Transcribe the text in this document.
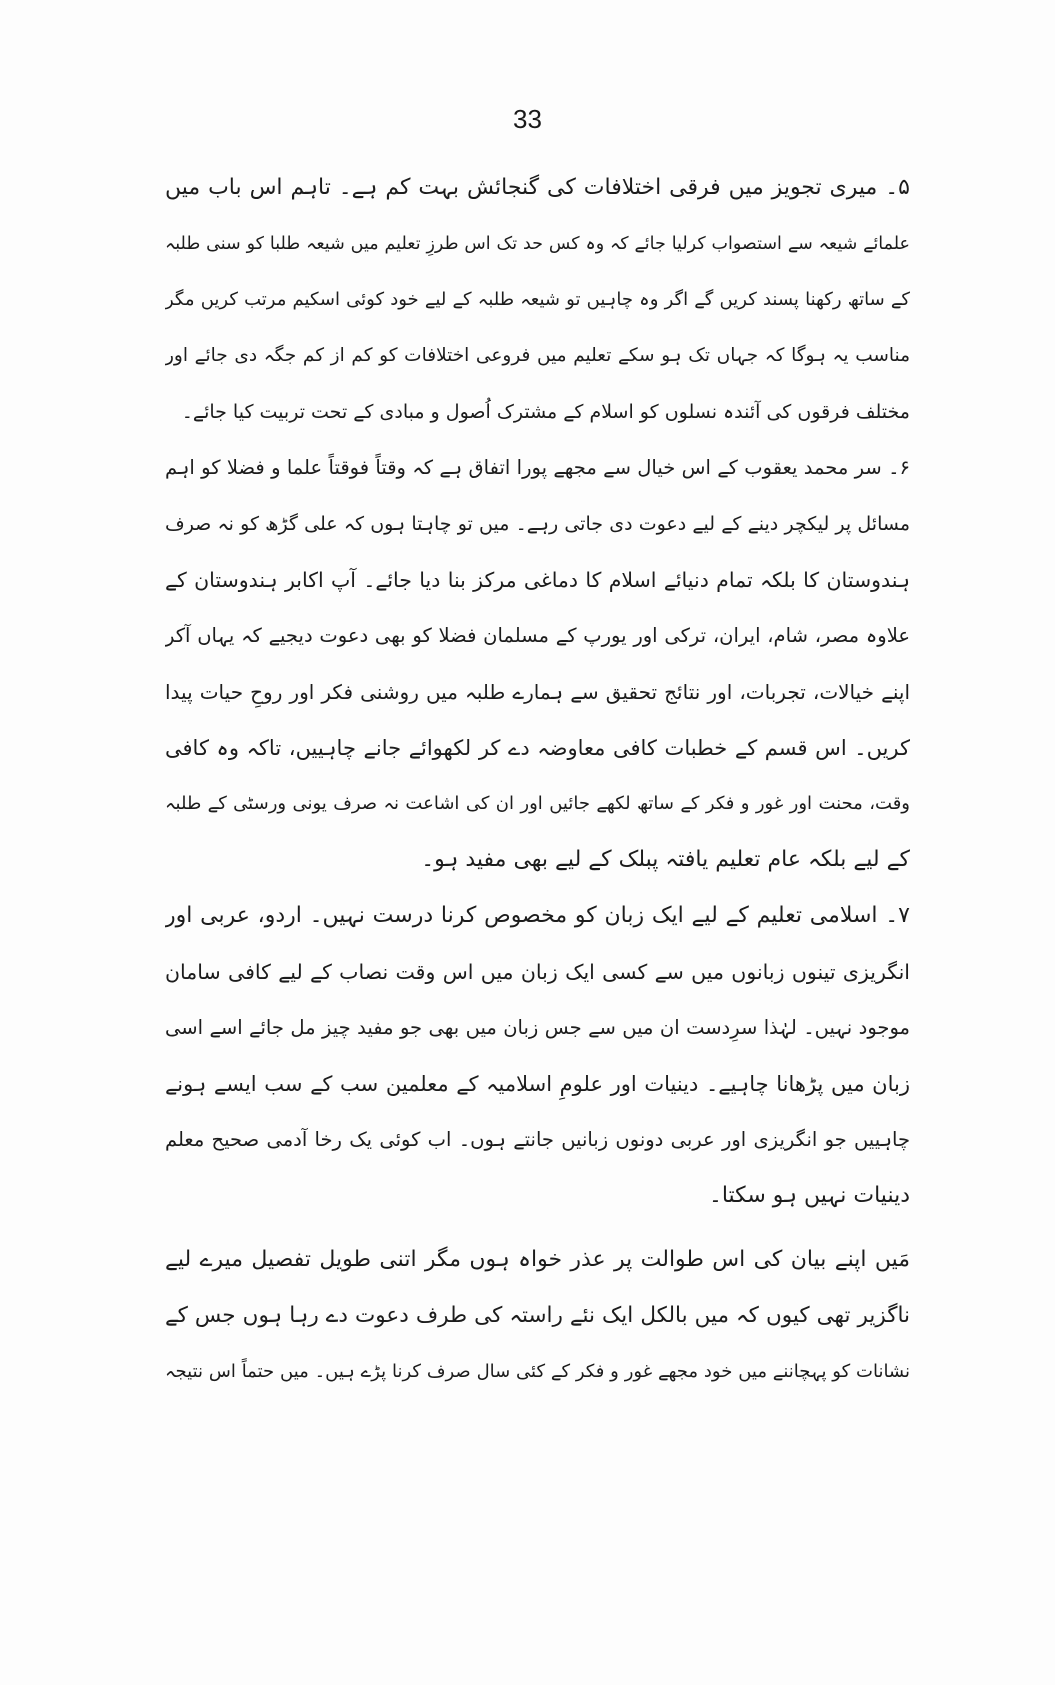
33
۵۔ میری تجویز میں فرقی اختلافات کی گنجائش بہت کم ہے۔ تاہم اس باب میں
علمائے شیعہ سے استصواب کرلیا جائے کہ وہ کس حد تک اس طرزِ تعلیم میں شیعہ طلبا کو سنی طلبہ
کے ساتھ رکھنا پسند کریں گے اگر وہ چاہیں تو شیعہ طلبہ کے لیے خود کوئی اسکیم مرتب کریں مگر
مناسب یہ ہوگا کہ جہاں تک ہو سکے تعلیم میں فروعی اختلافات کو کم از کم جگہ دی جائے اور
مختلف فرقوں کی آئندہ نسلوں کو اسلام کے مشترک اُصول و مبادی کے تحت تربیت کیا جائے۔
۶۔ سر محمد یعقوب کے اس خیال سے مجھے پورا اتفاق ہے کہ وقتاً فوقتاً علما و فضلا کو اہم
مسائل پر لیکچر دینے کے لیے دعوت دی جاتی رہے۔ میں تو چاہتا ہوں کہ علی گڑھ کو نہ صرف
ہندوستان کا بلکہ تمام دنیائے اسلام کا دماغی مرکز بنا دیا جائے۔ آپ اکابر ہندوستان کے
علاوہ مصر، شام، ایران، ترکی اور یورپ کے مسلمان فضلا کو بھی دعوت دیجیے کہ یہاں آکر
اپنے خیالات، تجربات، اور نتائج تحقیق سے ہمارے طلبہ میں روشنی فکر اور روحِ حیات پیدا
کریں۔ اس قسم کے خطبات کافی معاوضہ دے کر لکھوائے جانے چاہییں، تاکہ وہ کافی
وقت، محنت اور غور و فکر کے ساتھ لکھے جائیں اور ان کی اشاعت نہ صرف یونی ورسٹی کے طلبہ
کے لیے بلکہ عام تعلیم یافتہ پبلک کے لیے بھی مفید ہو۔
۷۔ اسلامی تعلیم کے لیے ایک زبان کو مخصوص کرنا درست نہیں۔ اردو، عربی اور
انگریزی تینوں زبانوں میں سے کسی ایک زبان میں اس وقت نصاب کے لیے کافی سامان
موجود نہیں۔ لہٰذا سرِدست ان میں سے جس زبان میں بھی جو مفید چیز مل جائے اسے اسی
زبان میں پڑھانا چاہیے۔ دینیات اور علومِ اسلامیہ کے معلمین سب کے سب ایسے ہونے
چاہییں جو انگریزی اور عربی دونوں زبانیں جانتے ہوں۔ اب کوئی یک رخا آدمی صحیح معلم
دینیات نہیں ہو سکتا۔
مَیں اپنے بیان کی اس طوالت پر عذر خواہ ہوں مگر اتنی طویل تفصیل میرے لیے
ناگزیر تھی کیوں کہ میں بالکل ایک نئے راستہ کی طرف دعوت دے رہا ہوں جس کے
نشانات کو پہچاننے میں خود مجھے غور و فکر کے کئی سال صرف کرنا پڑے ہیں۔ میں حتماً اس نتیجہ
